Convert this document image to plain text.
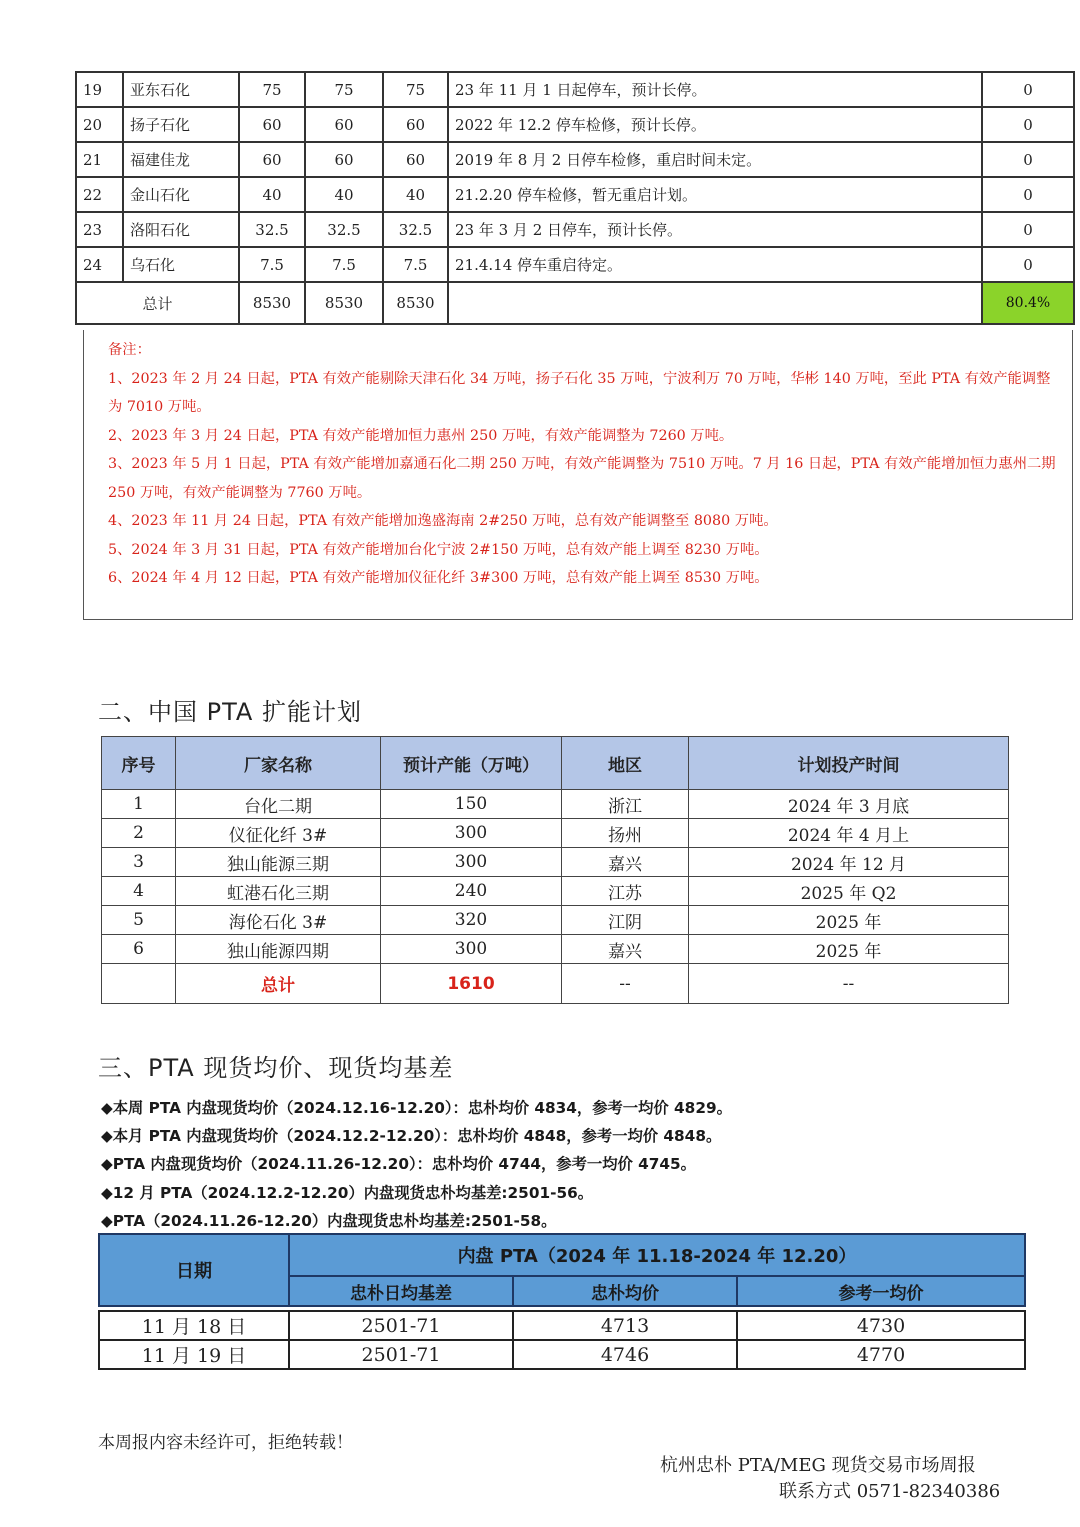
19	亚东石化	75	75	75	23 年 11 月 1 日起停车，预计长停。	0
20	扬子石化	60	60	60	2022 年 12.2 停车检修，预计长停。	0
21	福建佳龙	60	60	60	2019 年 8 月 2 日停车检修，重启时间未定。	0
22	金山石化	40	40	40	21.2.20 停车检修，暂无重启计划。	0
23	洛阳石化	32.5	32.5	32.5	23 年 3 月 2 日停车，预计长停。	0
24	乌石化	7.5	7.5	7.5	21.4.14 停车重启待定。	0
总计		8530	8530	8530		80.4%
备注：
1、2023 年 2 月 24 日起，PTA 有效产能剔除天津石化 34 万吨，扬子石化 35 万吨，宁波利万 70 万吨，华彬 140 万吨，至此 PTA 有效产能调整为 7010 万吨。
2、2023 年 3 月 24 日起，PTA 有效产能增加恒力惠州 250 万吨，有效产能调整为 7260 万吨。
3、2023 年 5 月 1 日起，PTA 有效产能增加嘉通石化二期 250 万吨，有效产能调整为 7510 万吨。7 月 16 日起，PTA 有效产能增加恒力惠州二期 250 万吨，有效产能调整为 7760 万吨。
4、2023 年 11 月 24 日起，PTA 有效产能增加逸盛海南 2#250 万吨，总有效产能调整至 8080 万吨。
5、2024 年 3 月 31 日起，PTA 有效产能增加台化宁波 2#150 万吨，总有效产能上调至 8230 万吨。
6、2024 年 4 月 12 日起，PTA 有效产能增加仪征化纤 3#300 万吨，总有效产能上调至 8530 万吨。
二、中国 PTA 扩能计划
序号	厂家名称	预计产能（万吨）	地区	计划投产时间
1	台化二期	150	浙江	2024 年 3 月底
2	仪征化纤 3#	300	扬州	2024 年 4 月上
3	独山能源三期	300	嘉兴	2024 年 12 月
4	虹港石化三期	240	江苏	2025 年 Q2
5	海伦石化 3#	320	江阴	2025 年
6	独山能源四期	300	嘉兴	2025 年
	总计	1610	--	--
三、PTA 现货均价、现货均基差
◆本周 PTA 内盘现货均价（2024.12.16-12.20）：忠朴均价 4834，参考一均价 4829。
◆本月 PTA 内盘现货均价（2024.12.2-12.20）：忠朴均价 4848，参考一均价 4848。
◆PTA 内盘现货均价（2024.11.26-12.20）：忠朴均价 4744，参考一均价 4745。
◆12 月 PTA（2024.12.2-12.20）内盘现货忠朴均基差:2501-56。
◆PTA（2024.11.26-12.20）内盘现货忠朴均基差:2501-58。
日期	内盘 PTA（2024 年 11.18-2024 年 12.20）		
	忠朴日均基差	忠朴均价	参考一均价
11 月 18 日	2501-71	4713	4730
11 月 19 日	2501-71	4746	4770
本周报内容未经许可，拒绝转载！
杭州忠朴 PTA/MEG 现货交易市场周报
联系方式 0571-82340386
